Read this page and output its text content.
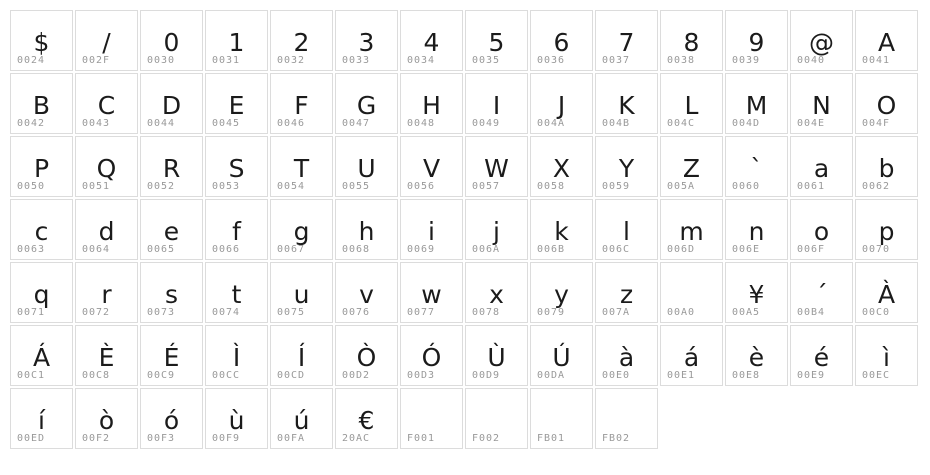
$
0024
/
002F
0
0030
1
0031
2
0032
3
0033
4
0034
5
0035
6
0036
7
0037
8
0038
9
0039
@
0040
A
0041
B
0042
C
0043
D
0044
E
0045
F
0046
G
0047
H
0048
I
0049
J
004A
K
004B
L
004C
M
004D
N
004E
O
004F
P
0050
Q
0051
R
0052
S
0053
T
0054
U
0055
V
0056
W
0057
X
0058
Y
0059
Z
005A
`
0060
a
0061
b
0062
c
0063
d
0064
e
0065
f
0066
g
0067
h
0068
i
0069
j
006A
k
006B
l
006C
m
006D
n
006E
o
006F
p
0070
q
0071
r
0072
s
0073
t
0074
u
0075
v
0076
w
0077
x
0078
y
0079
z
007A	00A0
¥
00A5
´
00B4
À
00C0
Á
00C1
È
00C8
É
00C9
Ì
00CC
Í
00CD
Ò
00D2
Ó
00D3
Ù
00D9
Ú
00DA
à
00E0
á
00E1
è
00E8
é
00E9
ì
00EC
í
00ED
ò
00F2
ó
00F3
ù
00F9
ú
00FA
€
20AC	F001	F002	FB01	FB02
